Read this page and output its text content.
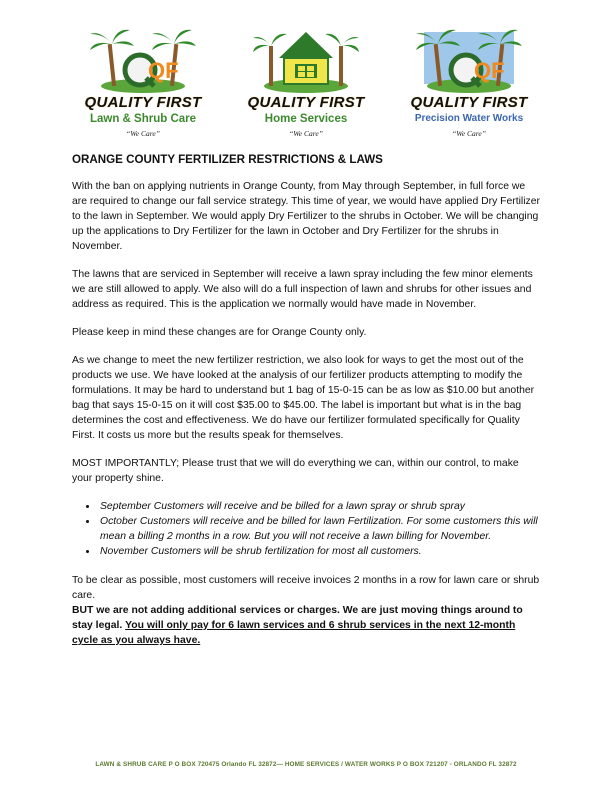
QF
QUALITY FIRST
Lawn & Shrub Care
“We Care”
QUALITY FIRST
Home Services
“We Care”
QF
QUALITY FIRST
Precision Water Works
“We Care”
ORANGE COUNTY FERTILIZER RESTRICTIONS & LAWS

With the ban on applying nutrients in Orange County, from May through September, in full force we are required to change our fall service strategy. This time of year, we would have applied Dry Fertilizer to the lawn in September. We would apply Dry Fertilizer to the shrubs in October. We will be changing up the applications to Dry Fertilizer for the lawn in October and Dry Fertilizer for the shrubs in November.

The lawns that are serviced in September will receive a lawn spray including the few minor elements we are still allowed to apply. We also will do a full inspection of lawn and shrubs for other issues and address as required. This is the application we normally would have made in November.

Please keep in mind these changes are for Orange County only.

As we change to meet the new fertilizer restriction, we also look for ways to get the most out of the products we use. We have looked at the analysis of our fertilizer products attempting to modify the formulations. It may be hard to understand but 1 bag of 15-0-15 can be as low as $10.00 but another bag that says 15-0-15 on it will cost $35.00 to $45.00. The label is important but what is in the bag determines the cost and effectiveness. We do have our fertilizer formulated specifically for Quality First. It costs us more but the results speak for themselves.

MOST IMPORTANTLY; Please trust that we will do everything we can, within our control, to make your property shine.

• September Customers will receive and be billed for a lawn spray or shrub spray
• October Customers will receive and be billed for lawn Fertilization. For some customers this will mean a billing 2 months in a row. But you will not receive a lawn billing for November.
• November Customers will be shrub fertilization for most all customers.

To be clear as possible, most customers will receive invoices 2 months in a row for lawn care or shrub care.
BUT we are not adding additional services or charges. We are just moving things around to stay legal. You will only pay for 6 lawn services and 6 shrub services in the next 12-month cycle as you always have.

LAWN & SHRUB CARE P O BOX 720475 Orlando FL 32872— HOME SERVICES / WATER WORKS P O BOX 721207 - ORLANDO FL 32872
